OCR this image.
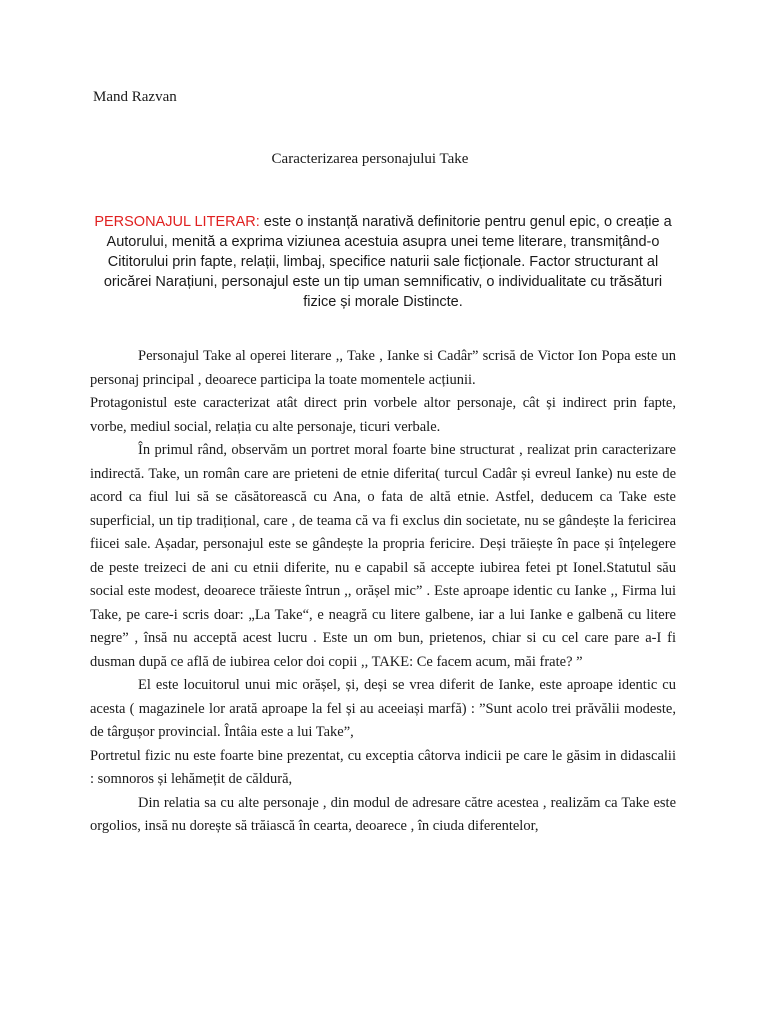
Mand Razvan
Caracterizarea personajului Take
PERSONAJUL LITERAR: este o instanță narativă definitorie pentru genul epic, o creație a Autorului, menită a exprima viziunea acestuia asupra unei teme literare, transmițând-o Cititorului prin fapte, relații, limbaj, specifice naturii sale ficționale. Factor structurant al oricărei Narațiuni, personajul este un tip uman semnificativ, o individualitate cu trăsături fizice și morale Distincte.

Personajul Take al operei literare ,, Take , Ianke si Cadâr” scrisă de Victor Ion Popa este un personaj principal , deoarece participa la toate momentele acțiunii.

Protagonistul este caracterizat atât direct prin vorbele altor personaje, cât și indirect prin fapte, vorbe, mediul social, relația cu alte personaje, ticuri verbale.

În primul rând, observăm un portret moral foarte bine structurat , realizat prin caracterizare indirectă. Take, un român care are prieteni de etnie diferita( turcul Cadâr și evreul Ianke) nu este de acord ca fiul lui să se căsătorească cu Ana, o fata de altă etnie. Astfel, deducem ca Take este superficial, un tip tradițional, care , de teama că va fi exclus din societate, nu se gândește la fericirea fiicei sale. Așadar, personajul este se gândește la propria fericire. Deși trăiește în pace și înțelegere de peste treizeci de ani cu etnii diferite, nu e capabil să accepte iubirea fetei pt Ionel.Statutul său social este modest, deoarece trăieste întrun ,, orășel mic” . Este aproape identic cu Ianke ,, Firma lui Take, pe care-i scris doar: „La Take“, e neagră cu litere galbene, iar a lui Ianke e galbenă cu litere negre” , însă nu acceptă acest lucru . Este un om bun, prietenos, chiar si cu cel care pare a-I fi dusman după ce află de iubirea celor doi copii ,, TAKE: Ce facem acum, măi frate? ”

El este locuitorul unui mic orășel, și, deși se vrea diferit de Ianke, este aproape identic cu acesta ( magazinele lor arată aproape la fel și au aceeiași marfă) : ”Sunt acolo trei prăvălii modeste, de târgușor provincial. Întâia este a lui Take”,

Portretul fizic nu este foarte bine prezentat, cu exceptia câtorva indicii pe care le găsim in didascalii : somnoros și lehămețit de căldură,

Din relatia sa cu alte personaje , din modul de adresare către acestea , realizăm ca Take este orgolios, insă nu dorește să trăiască în cearta, deoarece , în ciuda diferentelor,
